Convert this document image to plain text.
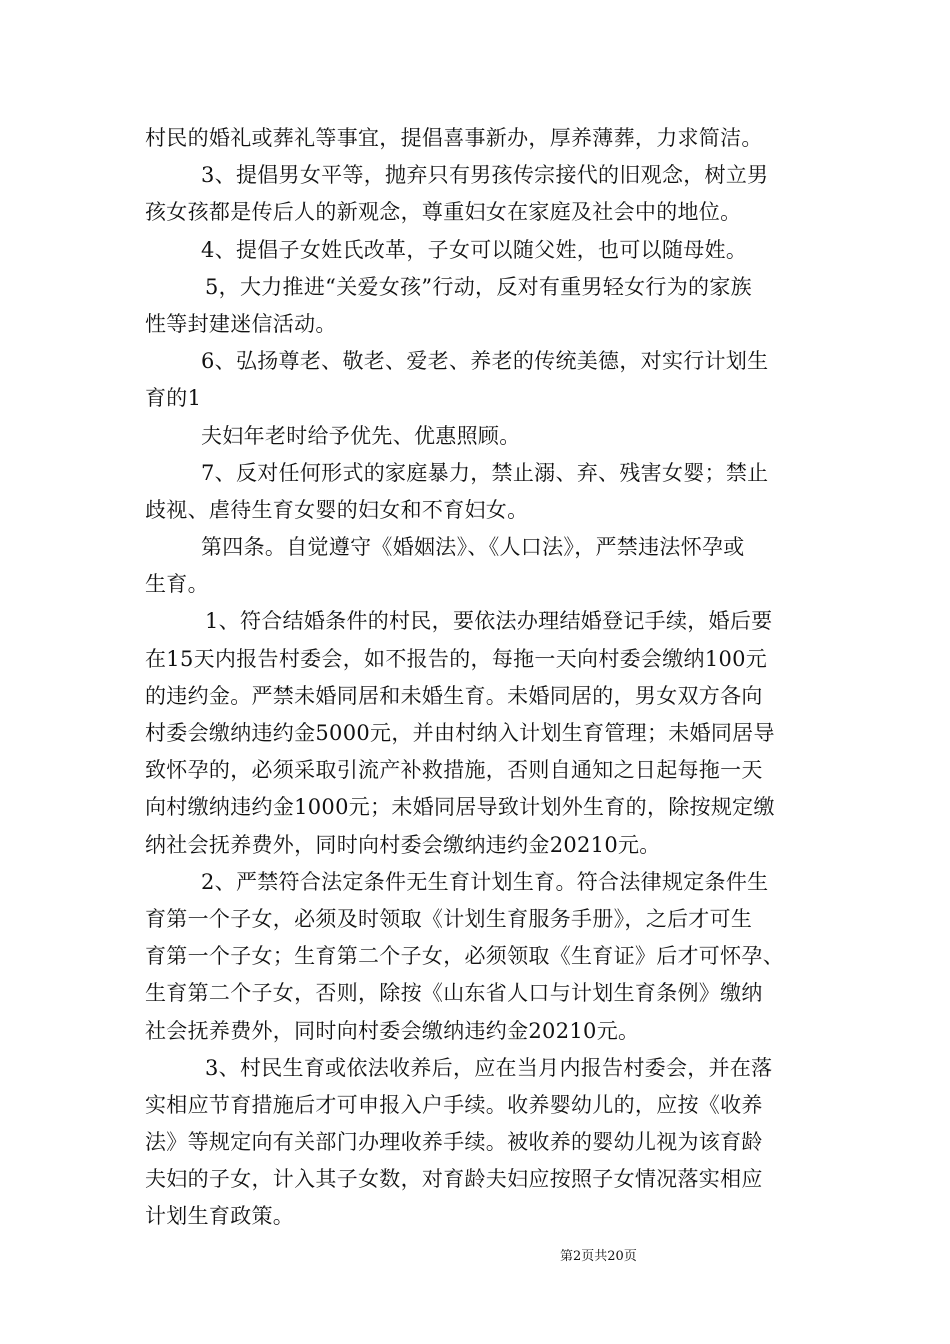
村民的婚礼或葬礼等事宜，提倡喜事新办，厚养薄葬，力求简洁。
3、提倡男女平等，抛弃只有男孩传宗接代的旧观念，树立男
孩女孩都是传后人的新观念，尊重妇女在家庭及社会中的地位。
4、提倡子女姓氏改革，子女可以随父姓，也可以随母姓。
5，大力推进“关爱女孩”行动，反对有重男轻女行为的家族
性等封建迷信活动。
6、弘扬尊老、敬老、爱老、养老的传统美德，对实行计划生
育的1
夫妇年老时给予优先、优惠照顾。
7、反对任何形式的家庭暴力，禁止溺、弃、残害女婴；禁止
歧视、虐待生育女婴的妇女和不育妇女。
第四条。自觉遵守《婚姻法》、《人口法》，严禁违法怀孕或
生育。
1、符合结婚条件的村民，要依法办理结婚登记手续，婚后要
在15天内报告村委会，如不报告的，每拖一天向村委会缴纳100元
的违约金。严禁未婚同居和未婚生育。未婚同居的，男女双方各向
村委会缴纳违约金5000元，并由村纳入计划生育管理；未婚同居导
致怀孕的，必须采取引流产补救措施，否则自通知之日起每拖一天
向村缴纳违约金1000元；未婚同居导致计划外生育的，除按规定缴
纳社会抚养费外，同时向村委会缴纳违约金20210元。
2、严禁符合法定条件无生育计划生育。符合法律规定条件生
育第一个子女，必须及时领取《计划生育服务手册》，之后才可生
育第一个子女；生育第二个子女，必须领取《生育证》后才可怀孕、
生育第二个子女，否则，除按《山东省人口与计划生育条例》缴纳
社会抚养费外，同时向村委会缴纳违约金20210元。
3、村民生育或依法收养后，应在当月内报告村委会，并在落
实相应节育措施后才可申报入户手续。收养婴幼儿的，应按《收养
法》等规定向有关部门办理收养手续。被收养的婴幼儿视为该育龄
夫妇的子女，计入其子女数，对育龄夫妇应按照子女情况落实相应
计划生育政策。
第2页共20页
